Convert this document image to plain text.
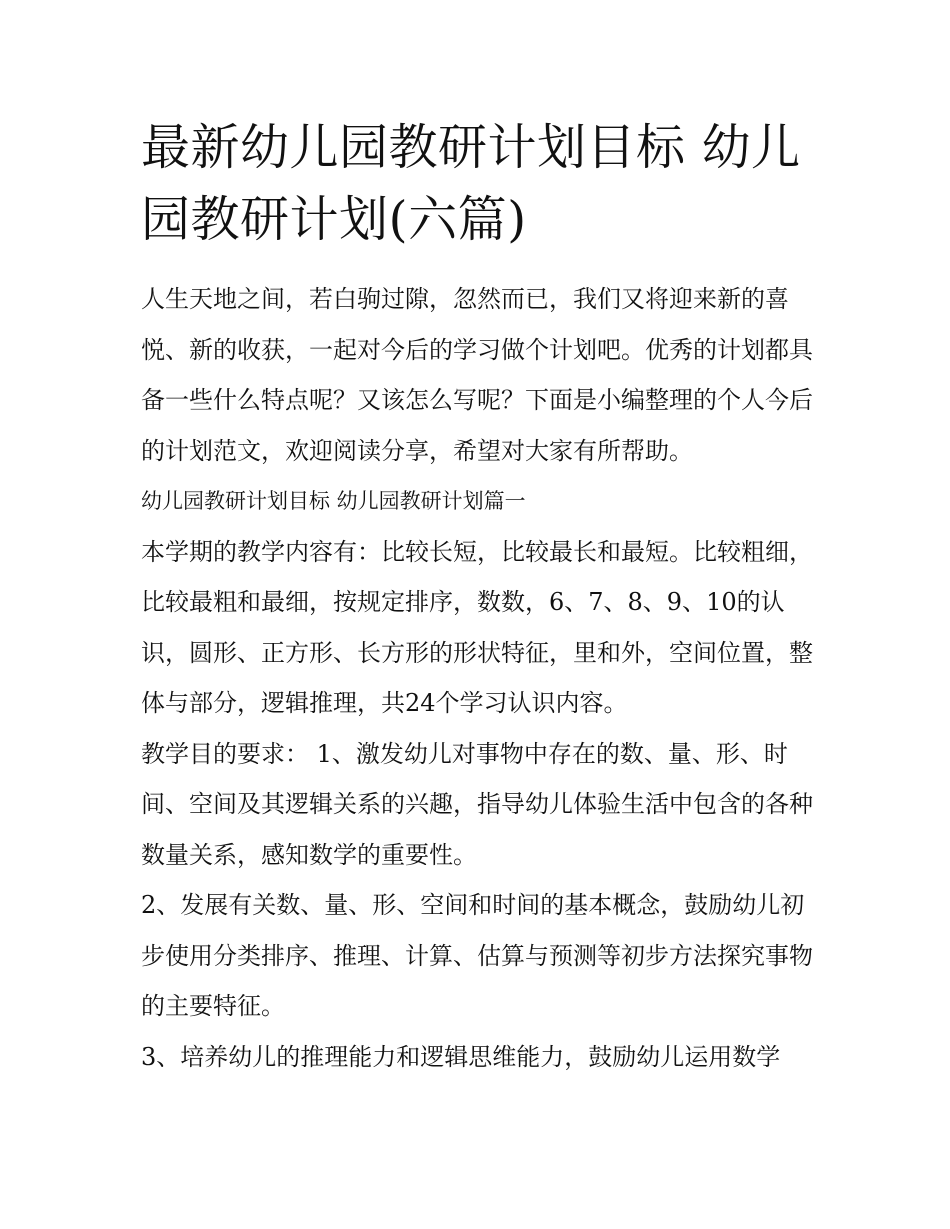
最新幼儿园教研计划目标 幼儿园教研计划(六篇)

人生天地之间，若白驹过隙，忽然而已，我们又将迎来新的喜悦、新的收获，一起对今后的学习做个计划吧。优秀的计划都具备一些什么特点呢？又该怎么写呢？下面是小编整理的个人今后的计划范文，欢迎阅读分享，希望对大家有所帮助。

幼儿园教研计划目标 幼儿园教研计划篇一

本学期的教学内容有：比较长短，比较最长和最短。比较粗细，比较最粗和最细，按规定排序，数数，6、7、8、9、10的认识，圆形、正方形、长方形的形状特征，里和外，空间位置，整体与部分，逻辑推理，共24个学习认识内容。

教学目的要求： 1、激发幼儿对事物中存在的数、量、形、时间、空间及其逻辑关系的兴趣，指导幼儿体验生活中包含的各种数量关系，感知数学的重要性。

2、发展有关数、量、形、空间和时间的基本概念，鼓励幼儿初步使用分类排序、推理、计算、估算与预测等初步方法探究事物的主要特征。

3、培养幼儿的推理能力和逻辑思维能力，鼓励幼儿运用数学
